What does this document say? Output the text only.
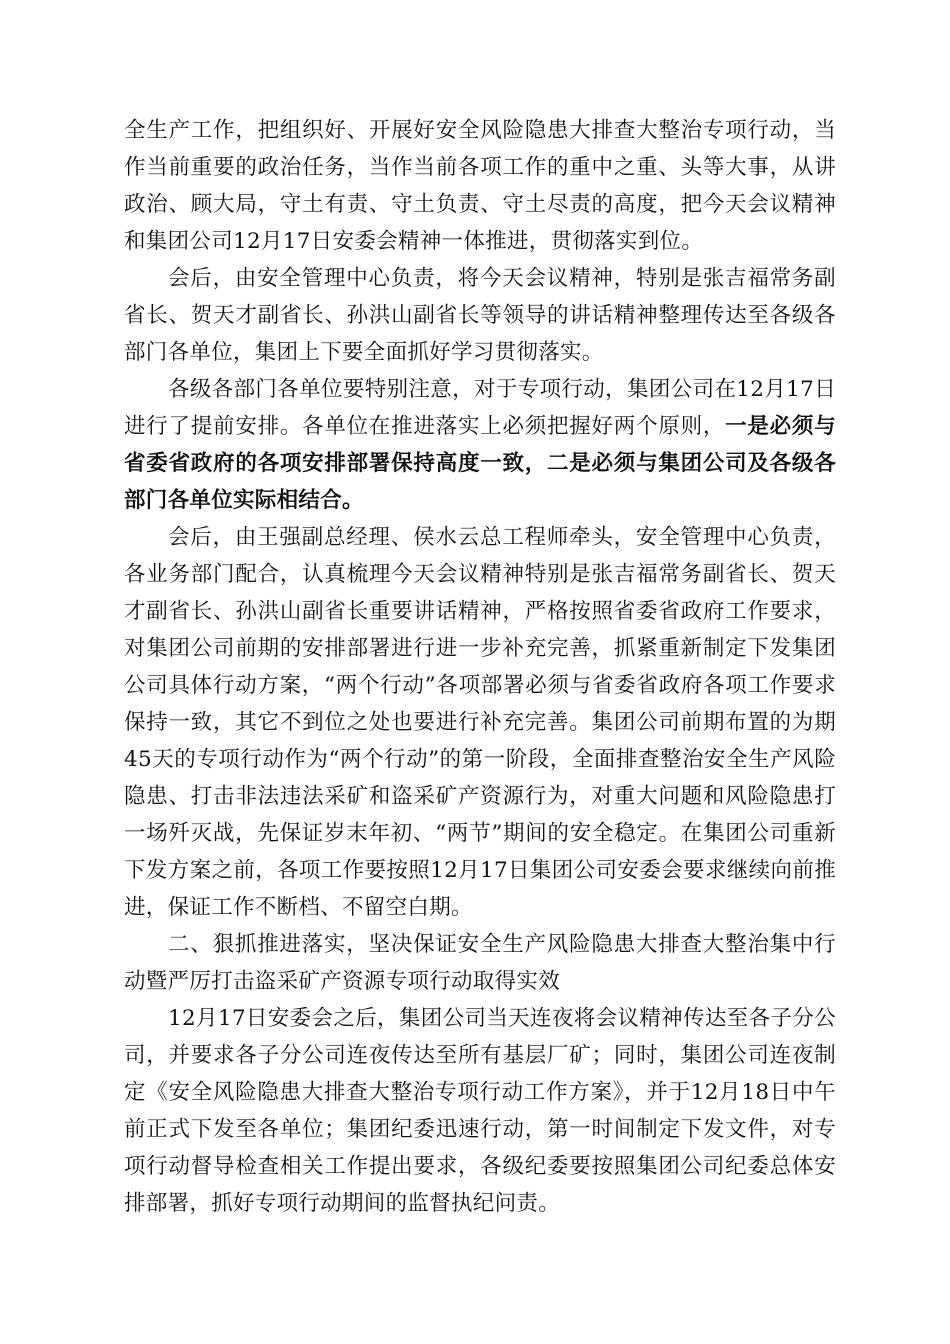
全生产工作，把组织好、开展好安全风险隐患大排查大整治专项行动，当作当前重要的政治任务，当作当前各项工作的重中之重、头等大事，从讲政治、顾大局，守土有责、守土负责、守土尽责的高度，把今天会议精神和集团公司12月17日安委会精神一体推进，贯彻落实到位。

会后，由安全管理中心负责，将今天会议精神，特别是张吉福常务副省长、贺天才副省长、孙洪山副省长等领导的讲话精神整理传达至各级各部门各单位，集团上下要全面抓好学习贯彻落实。

各级各部门各单位要特别注意，对于专项行动，集团公司在12月17日进行了提前安排。各单位在推进落实上必须把握好两个原则，一是必须与省委省政府的各项安排部署保持高度一致，二是必须与集团公司及各级各部门各单位实际相结合。

会后，由王强副总经理、侯水云总工程师牵头，安全管理中心负责，各业务部门配合，认真梳理今天会议精神特别是张吉福常务副省长、贺天才副省长、孙洪山副省长重要讲话精神，严格按照省委省政府工作要求，对集团公司前期的安排部署进行进一步补充完善，抓紧重新制定下发集团公司具体行动方案，“两个行动”各项部署必须与省委省政府各项工作要求保持一致，其它不到位之处也要进行补充完善。集团公司前期布置的为期45天的专项行动作为“两个行动”的第一阶段，全面排查整治安全生产风险隐患、打击非法违法采矿和盗采矿产资源行为，对重大问题和风险隐患打一场歼灭战，先保证岁末年初、“两节”期间的安全稳定。在集团公司重新下发方案之前，各项工作要按照12月17日集团公司安委会要求继续向前推进，保证工作不断档、不留空白期。

二、狠抓推进落实，坚决保证安全生产风险隐患大排查大整治集中行动暨严厉打击盗采矿产资源专项行动取得实效

12月17日安委会之后，集团公司当天连夜将会议精神传达至各子分公司，并要求各子分公司连夜传达至所有基层厂矿；同时，集团公司连夜制定《安全风险隐患大排查大整治专项行动工作方案》，并于12月18日中午前正式下发至各单位；集团纪委迅速行动，第一时间制定下发文件，对专项行动督导检查相关工作提出要求，各级纪委要按照集团公司纪委总体安排部署，抓好专项行动期间的监督执纪问责。
